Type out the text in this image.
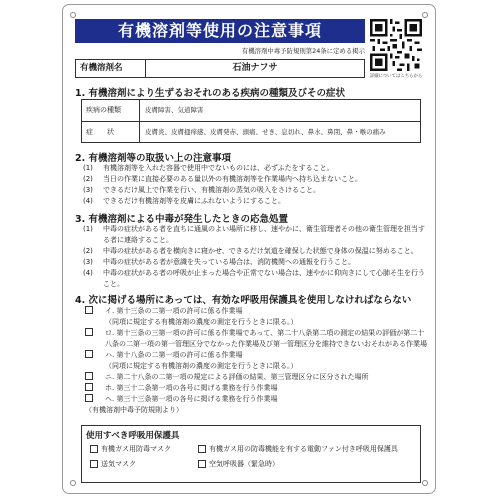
有機溶剤等使用の注意事項
有機溶剤中毒予防規則第24条に定める掲示
詳細についてはこちらから
有機溶剤名	石油ナフサ
1. 有機溶剤により生ずるおそれのある疾病の種類及びその症状
疾病の種類	皮膚障害、気道障害
症　　状	皮膚炎、皮膚掻痒感、皮膚発赤、頭痛、せき、息切れ、鼻水、鼻閉、鼻・喉の痛み
2. 有機溶剤等の取扱い上の注意事項
(1)	有機溶剤等を入れた容器で使用中でないものには、必ずふたをすること。
(2)	当日の作業に直接必要のある量以外の有機溶剤等を作業場内へ持ち込まないこと。
(3)	できるだけ風上で作業を行い、有機溶剤の蒸気の吸入をさけること。
(4)	できるだけ有機溶剤等を皮膚にふれないようにすること。
3. 有機溶剤による中毒が発生したときの応急処置
(1)	中毒の症状がある者を直ちに通風のよい場所に移し、速やかに、衛生管理者その他の衛生管理を担当する者に連絡すること。
(2)	中毒の症状がある者を横向きに寝かせ、できるだけ気道を確保した状態で身体の保温に努めること。
(3)	中毒の症状がある者が意識を失っている場合は、消防機関への通報を行うこと。
(4)	中毒の症状がある者の呼吸が止まった場合や正常でない場合は、速やかに仰向きにして心肺そ生を行うこと。
4. 次に掲げる場所にあっては、有効な呼吸用保護具を使用しなければならない
イ. 第十三条の二第一項の許可に係る作業場
（同項に規定する有機溶剤の濃度の測定を行うときに限る。）
ロ. 第十三条の三第一項の許可に係る作業場であって、第二十八条第二項の測定の結果の評価が第二十八条の二第一項の第一管理区分でなかった作業場及び第一管理区分を維持できないおそれがある作業場
ハ. 第十八条の二第一項の許可に係る作業場
（同項に規定する有機溶剤の濃度の測定を行うときに限る。）
ニ. 第二十八条の二第一項の規定による評価の結果、第三管理区分に区分された場所
ホ. 第三十二条第一項の各号に掲げる業務を行う作業場
ヘ. 第三十三条第一項の各号に掲げる業務を行う作業場
（有機溶剤中毒予防規則より）
使用すべき呼吸用保護具
有機ガス用防毒マスク	有機ガス用の防毒機能を有する電動ファン付き呼吸用保護具
送気マスク	空気呼吸器（緊急時）
